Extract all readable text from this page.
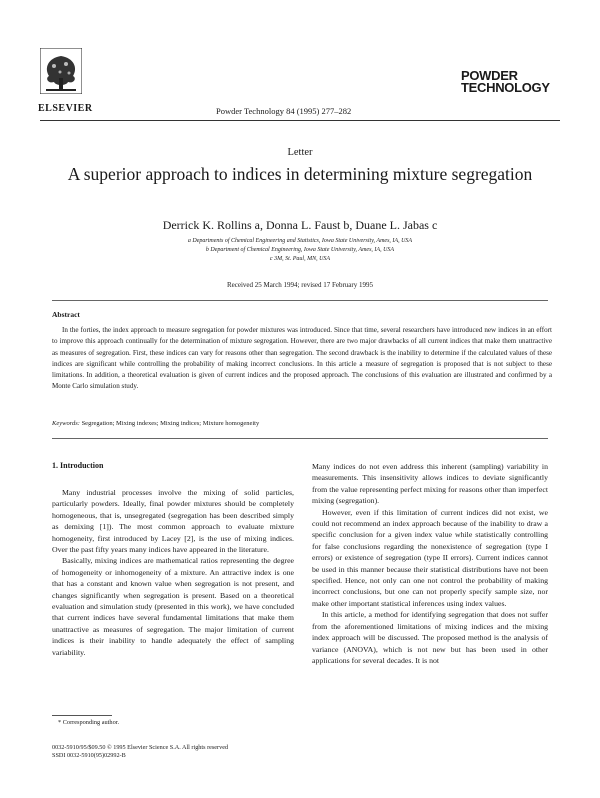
ELSEVIER	Powder Technology 84 (1995) 277–282
POWDER
TECHNOLOGY
Letter
A superior approach to indices in determining mixture segregation
Derrick K. Rollins a, Donna L. Faust b, Duane L. Jabas c
a Departments of Chemical Engineering and Statistics, Iowa State University, Ames, IA, USA
b Department of Chemical Engineering, Iowa State University, Ames, IA, USA
c 3M, St. Paul, MN, USA
Received 25 March 1994; revised 17 February 1995
Abstract
In the forties, the index approach to measure segregation for powder mixtures was introduced. Since that time, several researchers have introduced new indices in an effort to improve this approach continually for the determination of mixture segregation. However, there are two major drawbacks of all current indices that make them unattractive as measures of segregation. First, these indices can vary for reasons other than segregation. The second drawback is the inability to determine if the calculated values of these indices are significant while controlling the probability of making incorrect conclusions. In this article a measure of segregation is proposed that is not subject to these limitations. In addition, a theoretical evaluation is given of current indices and the proposed approach. The conclusions of this evaluation are illustrated and confirmed by a Monte Carlo simulation study.
Keywords: Segregation; Mixing indexes; Mixing indices; Mixture homogeneity
1. Introduction

Many industrial processes involve the mixing of solid particles, particularly powders. Ideally, final powder mixtures should be completely homogeneous, that is, unsegregated (segregation has been described simply as demixing [1]). The most common approach to evaluate mixture homogeneity, first introduced by Lacey [2], is the use of mixing indices. Over the past fifty years many indices have appeared in the literature.

Basically, mixing indices are mathematical ratios representing the degree of homogeneity or inhomogeneity of a mixture. An attractive index is one that has a constant and known value when segregation is not present, and changes significantly when segregation is present. Based on a theoretical evaluation and simulation study (presented in this work), we have concluded that current indices have several fundamental limitations that make them unattractive as measures of segregation. The major limitation of current indices is their inability to handle adequately the effect of sampling variability.

* Corresponding author.
0032-5910/95/$09.50 © 1995 Elsevier Science S.A. All rights reserved
SSDI 0032-5910(95)02992-B

Many indices do not even address this inherent (sampling) variability in measurements. This insensitivity allows indices to deviate significantly from the value representing perfect mixing for reasons other than imperfect mixing (segregation).

However, even if this limitation of current indices did not exist, we could not recommend an index approach because of the inability to draw a specific conclusion for a given index value while statistically controlling for false conclusions regarding the nonexistence of segregation (type I errors) or existence of segregation (type II errors). Current indices cannot be used in this manner because their statistical distributions have not been specified. Hence, not only can one not control the probability of making incorrect conclusions, but one can not properly specify sample size, nor make other important statistical inferences using index values.

In this article, a method for identifying segregation that does not suffer from the aforementioned limitations of mixing indices and the mixing index approach will be discussed. The proposed method is the analysis of variance (ANOVA), which is not new but has been used in other applications for several decades. It is not
